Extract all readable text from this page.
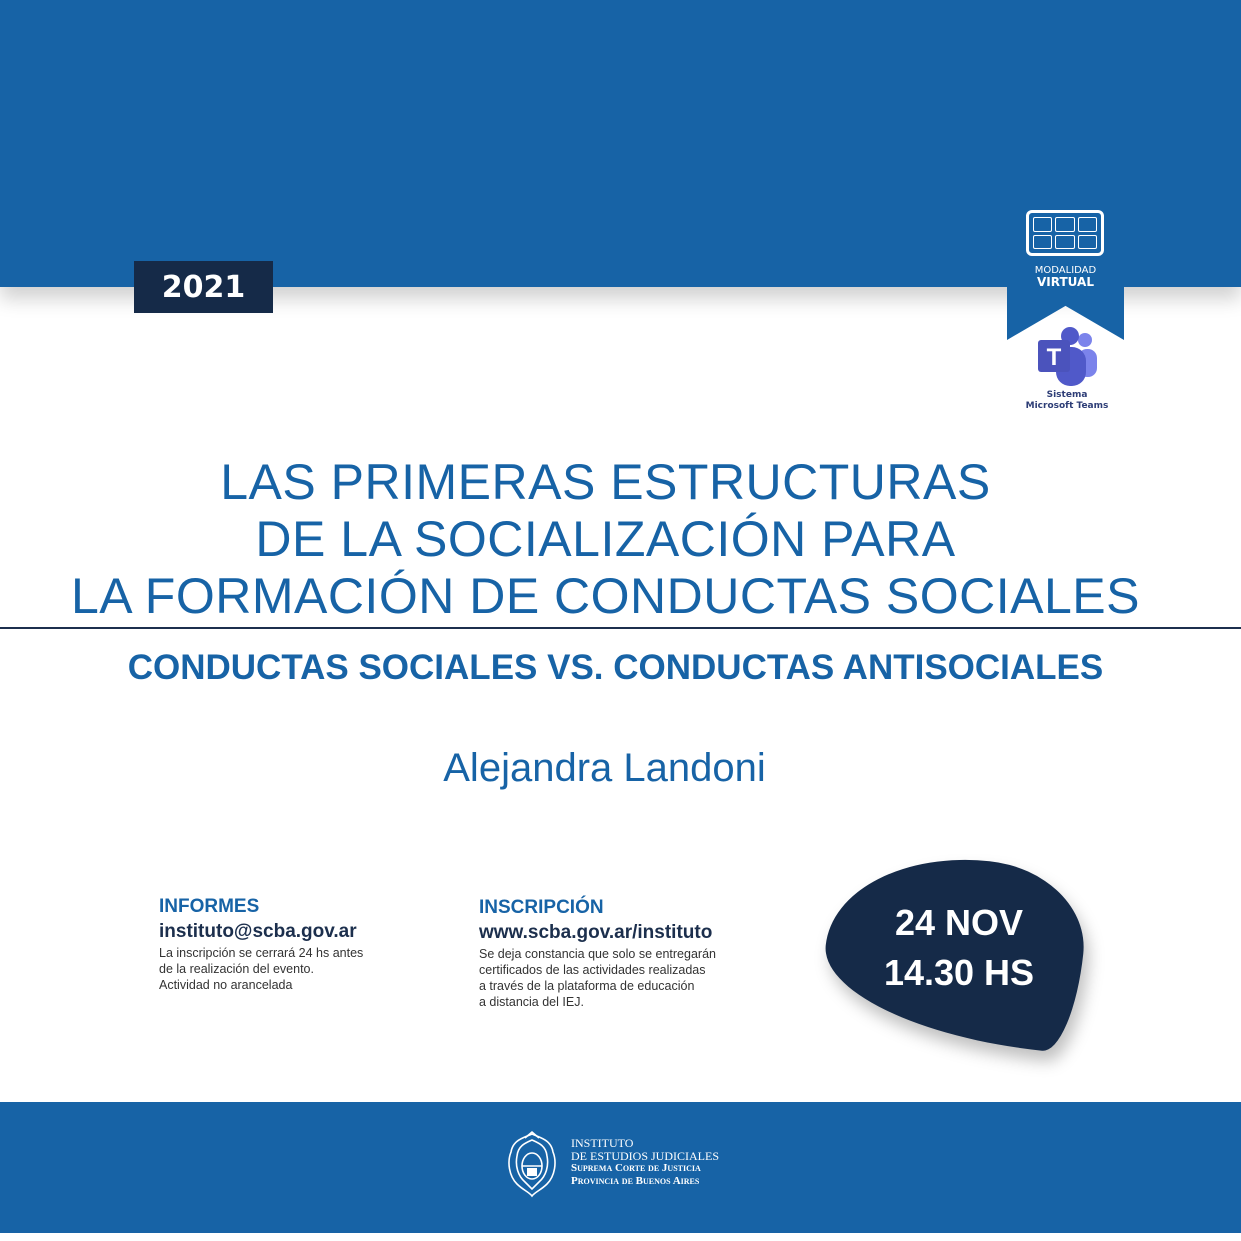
2021	MODALIDAD
VIRTUAL
T
Sistema
Microsoft Teams
LAS PRIMERAS ESTRUCTURAS
DE LA SOCIALIZACIÓN PARA
LA FORMACIÓN DE CONDUCTAS SOCIALES
CONDUCTAS SOCIALES VS. CONDUCTAS ANTISOCIALES
Alejandra Landoni
INFORMES
instituto@scba.gov.ar
La inscripción se cerrará 24 hs antes
de la realización del evento.
Actividad no arancelada
INSCRIPCIÓN
www.scba.gov.ar/instituto
Se deja constancia que solo se entregarán
certificados de las actividades realizadas
a través de la plataforma de educación
a distancia del IEJ.
24 NOV
14.30 HS
INSTITUTO
DE ESTUDIOS JUDICIALES
Suprema Corte de Justicia
Provincia de Buenos Aires
